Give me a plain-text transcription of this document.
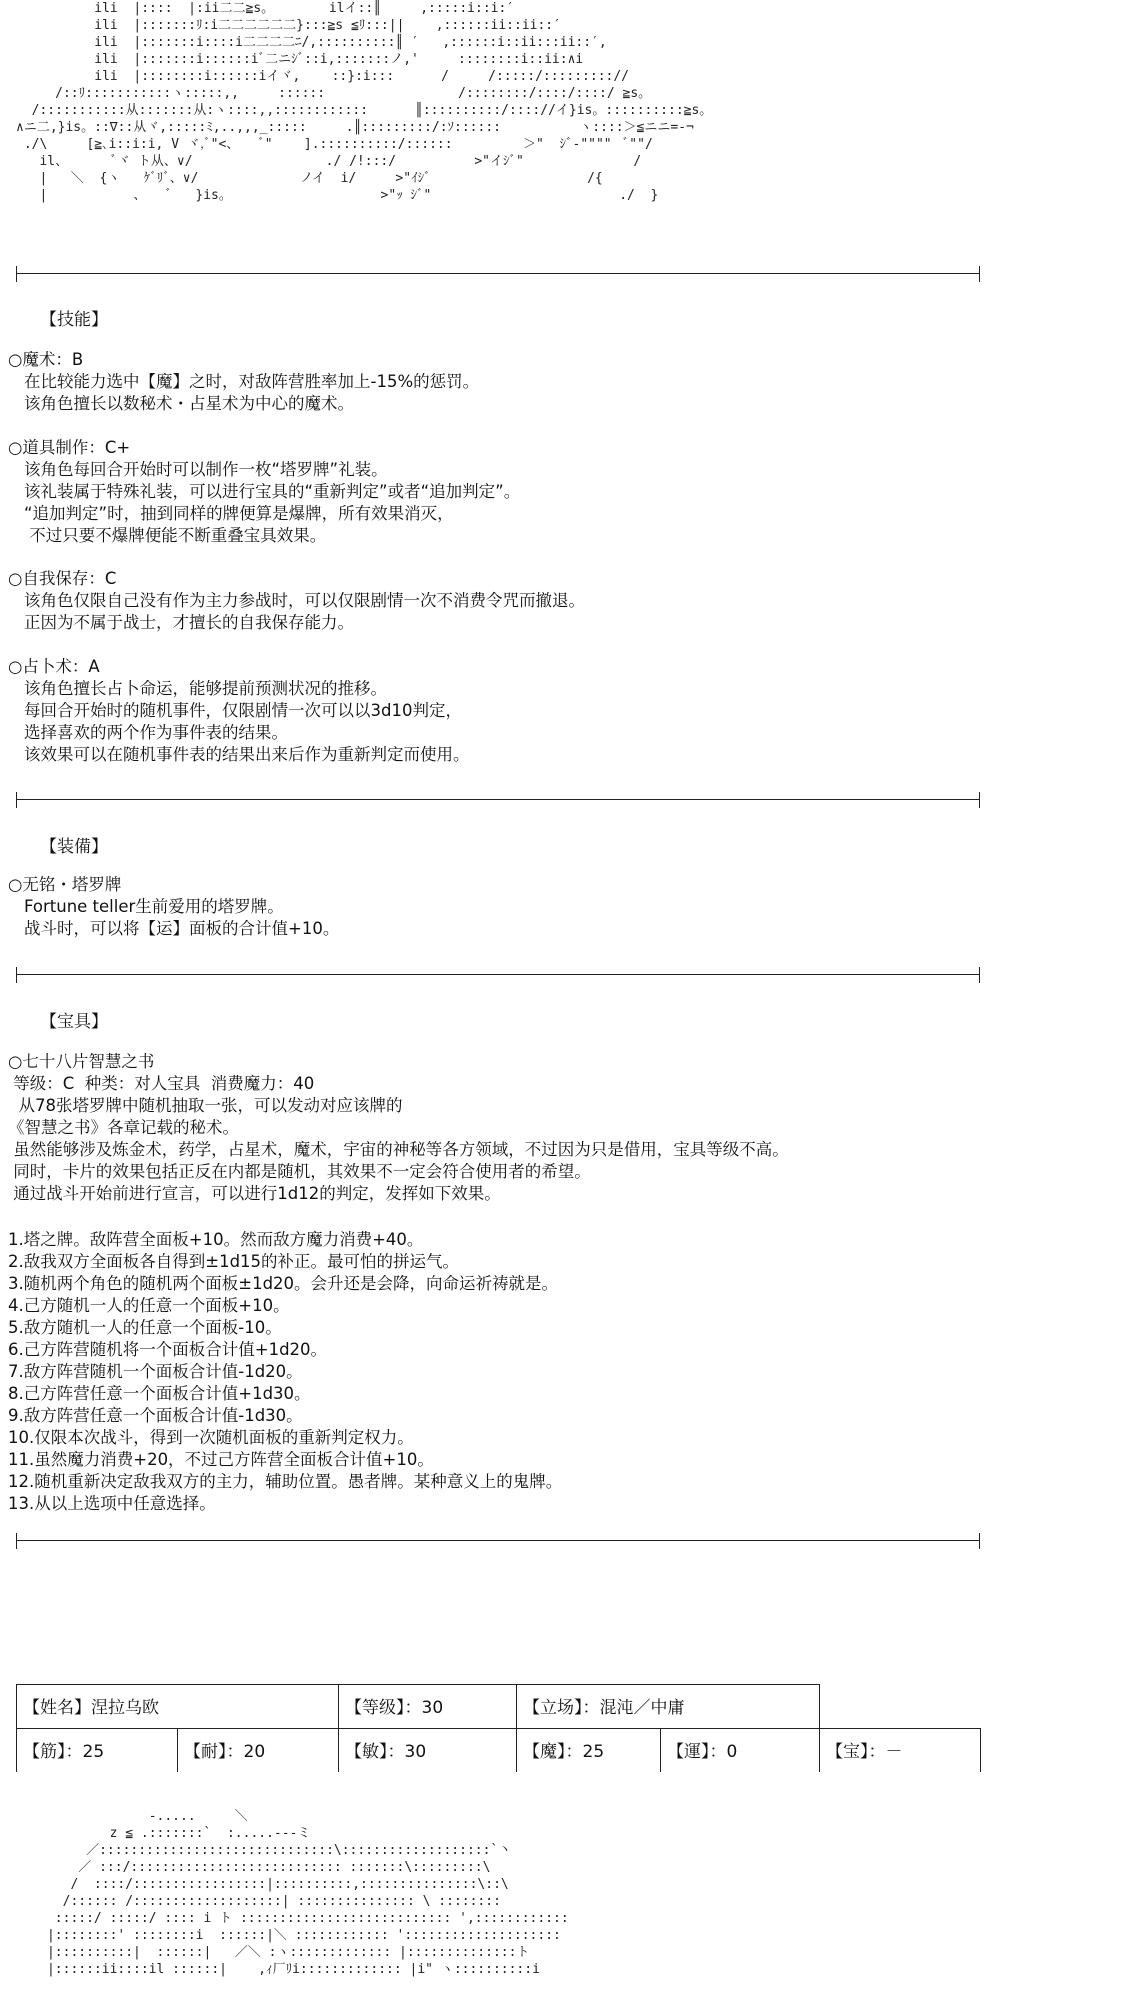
ili  |::::  |:ii二二≧s。       ilイ::║     ,:::::i::i:′
ili  |:::::::ﾘ:i二二二二二二}:::≧s ≦ﾘ:::||    ,::::::ii::ii::′
ili  |:::::::i::::i二二二二ﾆ/,::::::::::║ ′   ,::::::i::ii:::ii::′,
ili  |:::::::i::::::iﾞ二ニｼﾞ::i,:::::::ノ,'     ::::::::i::ii:∧i
ili  |::::::::i::::::iイヾ,    ::}:i:::      /     /:::::/::::::::://
/::ﾘ:::::::::::ヽ:::::,,     ::::::                 /::::::::/::::/::::/ ≧s。
/:::::::::::从:::::::从:ヽ::::,,::::::::::::      ║::::::::::/:::://イ}is。::::::::::≧s。
∧ニ二,}is。::∇::从ヾ,:::::ﾐ,..,,,_:::::     .║:::::::::/:ｿ::::::          ヽ::::＞≦ニニ=-¬
./\     [≧､i::i:i, V ヾ,ﾞ"<、   ﾞ"    ].::::::::::/::::::         ＞"  ｼﾞ-""""  ﾞ""/
il、      ﾞヾ ト从、∨/                 ./ /!:::/          >"イｼﾞ"              /
|   ＼  {ヽ   ｹﾞﾘﾞ、∨/             ノイ  i/     >"ｲｼﾞ                    /{
|           、   ﾞ   }is。                   >"ｯ ｼﾞ"                        ./  }
【技能】
○魔术：B
在比较能力选中【魔】之时，对敌阵营胜率加上-15%的惩罚。
该角色擅长以数秘术・占星术为中心的魔术。
○道具制作：C+
该角色每回合开始时可以制作一枚“塔罗牌”礼装。
该礼装属于特殊礼装，可以进行宝具的“重新判定”或者“追加判定”。
“追加判定”时，抽到同样的牌便算是爆牌，所有效果消灭，
不过只要不爆牌便能不断重叠宝具效果。
○自我保存：C
该角色仅限自己没有作为主力参战时，可以仅限剧情一次不消费令咒而撤退。
正因为不属于战士，才擅长的自我保存能力。
○占卜术：A
该角色擅长占卜命运，能够提前预测状况的推移。
每回合开始时的随机事件，仅限剧情一次可以以3d10判定，
选择喜欢的两个作为事件表的结果。
该效果可以在随机事件表的结果出来后作为重新判定而使用。
【装備】
○无铭・塔罗牌
Fortune teller生前爱用的塔罗牌。
战斗时，可以将【运】面板的合计值+10。
【宝具】
○七十八片智慧之书
等级：C  种类：对人宝具  消费魔力：40
从78张塔罗牌中随机抽取一张，可以发动对应该牌的
《智慧之书》各章记载的秘术。
虽然能够涉及炼金术，药学，占星术，魔术，宇宙的神秘等各方领域，不过因为只是借用，宝具等级不高。
同时，卡片的效果包括正反在内都是随机，其效果不一定会符合使用者的希望。
通过战斗开始前进行宣言，可以进行1d12的判定，发挥如下效果。
1.塔之牌。敌阵营全面板+10。然而敌方魔力消费+40。
2.敌我双方全面板各自得到±1d15的补正。最可怕的拼运气。
3.随机两个角色的随机两个面板±1d20。会升还是会降，向命运祈祷就是。
4.己方随机一人的任意一个面板+10。
5.敌方随机一人的任意一个面板-10。
6.己方阵营随机将一个面板合计值+1d20。
7.敌方阵营随机一个面板合计值-1d20。
8.己方阵营任意一个面板合计值+1d30。
9.敌方阵营任意一个面板合计值-1d30。
10.仅限本次战斗，得到一次随机面板的重新判定权力。
11.虽然魔力消费+20，不过己方阵营全面板合计值+10。
12.随机重新决定敌我双方的主力，辅助位置。愚者牌。某种意义上的鬼牌。
13.从以上选项中任意选择。
【姓名】涅拉乌欧	【等级】：30	【立场】：混沌／中庸
【筋】：25	【耐】：20	【敏】：30	【魔】：25	【運】：0	【宝】：－
-.....     ＼
z ≦ .:::::::`  :.....-‐-ミ
／::::::::::::::::::::::::::::::\:::::::::::::::::::`丶
／ :::/::::::::::::::::::::::::::: :::::::\:::::::::\
/  ::::/:::::::::::::::::|::::::::::,:::::::::::::::\::\
/:::::: /:::::::::::::::::::| ::::::::::::::: \ ::::::::
:::::/ :::::/ :::: i ト ::::::::::::::::::::::::::: ',::::::::::::
|::::::::' ::::::::i  ::::::|＼ :::::::::::: '::::::::::::::::::::
|::::::::::|  ::::::|   ／＼ :ヽ::::::::::::: |::::::::::::::ト
|::::::ii::::il ::::::|    ,ｨ厂ﾘi::::::::::::: |i" ヽ::::::::::i
